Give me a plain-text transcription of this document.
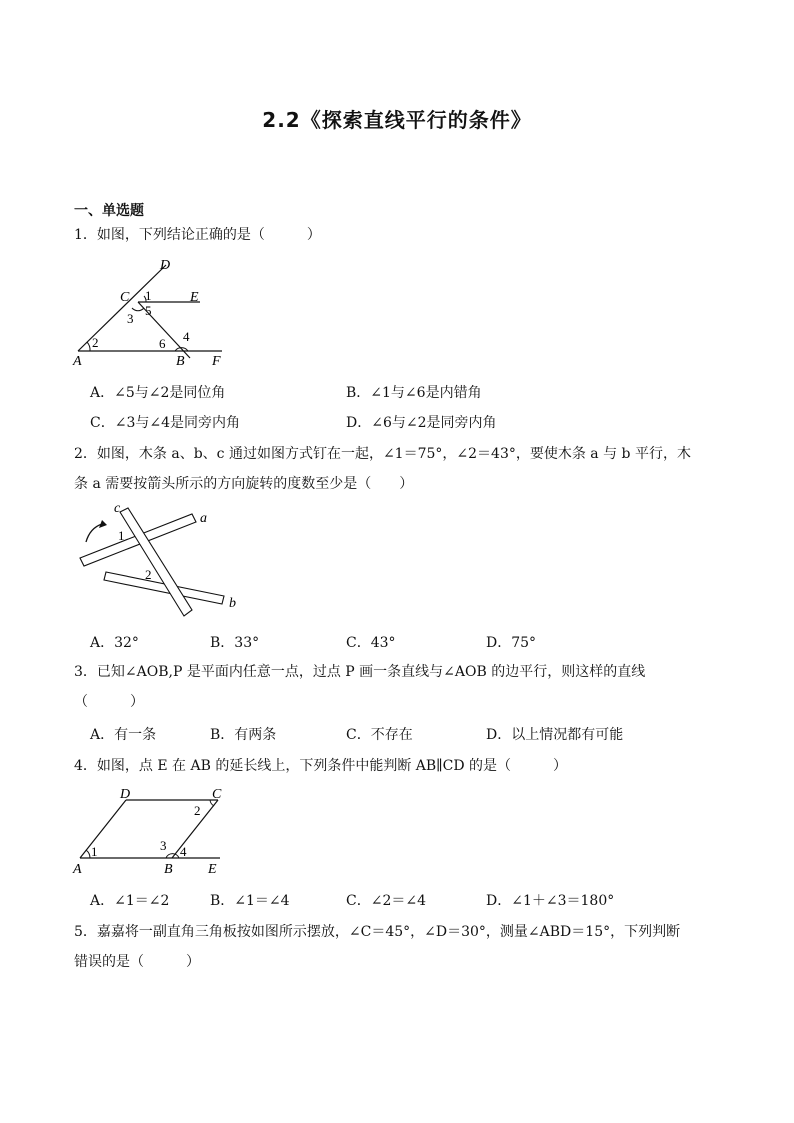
2.2《探索直线平行的条件》
一、单选题
1．如图，下列结论正确的是（　　　）
D
C	E
A	B F
1
2
3
4
5
6
A．∠5与∠2是同位角	B．∠1与∠6是内错角
C．∠3与∠4是同旁内角	D．∠6与∠2是同旁内角
2．如图，木条 a、b、c 通过如图方式钉在一起，∠1＝75°，∠2＝43°，要使木条 a 与 b 平行，木
条 a 需要按箭头所示的方向旋转的度数至少是（　　）
c
a
b
1
2
A．32°	B．33°	C．43°	D．75°
3．已知∠AOB,P 是平面内任意一点，过点 P 画一条直线与∠AOB 的边平行，则这样的直线
（　　　）
A．有一条	B．有两条	C．不存在	D．以上情况都有可能
4．如图，点 E 在 AB 的延长线上，下列条件中能判断 AB∥CD 的是（　　　）
D	C
A	B	E
1
2
3 4
A．∠1＝∠2	B．∠1＝∠4	C．∠2＝∠4	D．∠1＋∠3＝180°
5．嘉嘉将一副直角三角板按如图所示摆放，∠C＝45°，∠D＝30°，测量∠ABD＝15°，下列判断
错误的是（　　　）
